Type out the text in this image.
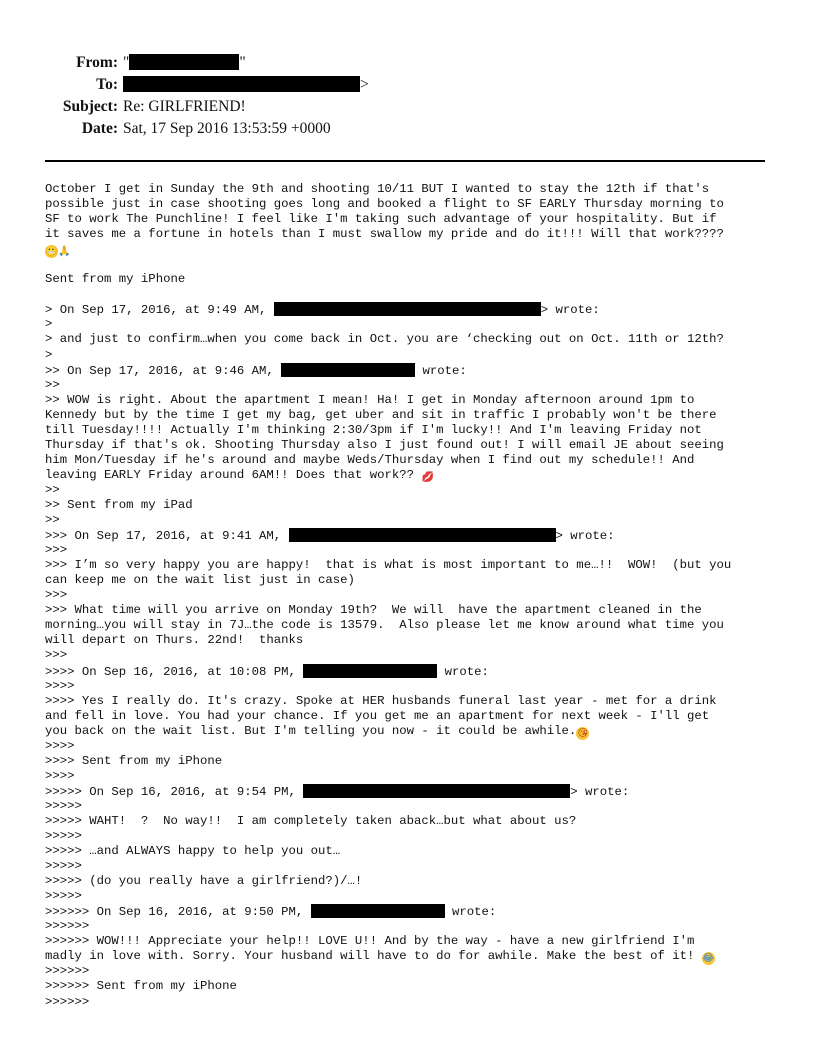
From: "	"
To:	>
Subject: Re: GIRLFRIEND!
Date: Sat, 17 Sep 2016 13:53:59 +0000
October I get in Sunday the 9th and shooting 10/11 BUT I wanted to stay the 12th if that's
possible just in case shooting goes long and booked a flight to SF EARLY Thursday morning to
SF to work The Punchline! I feel like I'm taking such advantage of your hospitality. But if
it saves me a fortune in hotels than I must swallow my pride and do it!!! Will that work????
😬🙏
Sent from my iPhone
> On Sep 17, 2016, at 9:49 AM,	> wrote:
>
> and just to confirm…when you come back in Oct. you are ‘checking out on Oct. 11th or 12th?
>
>> On Sep 17, 2016, at 9:46 AM,	wrote:
>>
>> WOW is right. About the apartment I mean! Ha! I get in Monday afternoon around 1pm to
Kennedy but by the time I get my bag, get uber and sit in traffic I probably won't be there
till Tuesday!!!! Actually I'm thinking 2:30/3pm if I'm lucky!! And I'm leaving Friday not
Thursday if that's ok. Shooting Thursday also I just found out! I will email JE about seeing
him Mon/Tuesday if he's around and maybe Weds/Thursday when I find out my schedule!! And
leaving EARLY Friday around 6AM!! Does that work?? 💋
>>
>> Sent from my iPad
>>
>>> On Sep 17, 2016, at 9:41 AM,	> wrote:
>>>
>>> I’m so very happy you are happy!  that is what is most important to me…!!  WOW!  (but you
can keep me on the wait list just in case)
>>>
>>> What time will you arrive on Monday 19th?  We will  have the apartment cleaned in the
morning…you will stay in 7J…the code is 13579.  Also please let me know around what time you
will depart on Thurs. 22nd!  thanks
>>>
>>>> On Sep 16, 2016, at 10:08 PM,	wrote:
>>>>
>>>> Yes I really do. It's crazy. Spoke at HER husbands funeral last year - met for a drink
and fell in love. You had your chance. If you get me an apartment for next week - I'll get
you back on the wait list. But I'm telling you now - it could be awhile.😘
>>>>
>>>> Sent from my iPhone
>>>>
>>>>> On Sep 16, 2016, at 9:54 PM,	> wrote:
>>>>>
>>>>> WAHT!  ?  No way!!  I am completely taken aback…but what about us?
>>>>>
>>>>> …and ALWAYS happy to help you out…
>>>>>
>>>>> (do you really have a girlfriend?)/…!
>>>>>
>>>>>> On Sep 16, 2016, at 9:50 PM,	wrote:
>>>>>>
>>>>>> WOW!!! Appreciate your help!! LOVE U!! And by the way - have a new girlfriend I'm
madly in love with. Sorry. Your husband will have to do for awhile. Make the best of it! 😂
>>>>>>
>>>>>> Sent from my iPhone
>>>>>>
